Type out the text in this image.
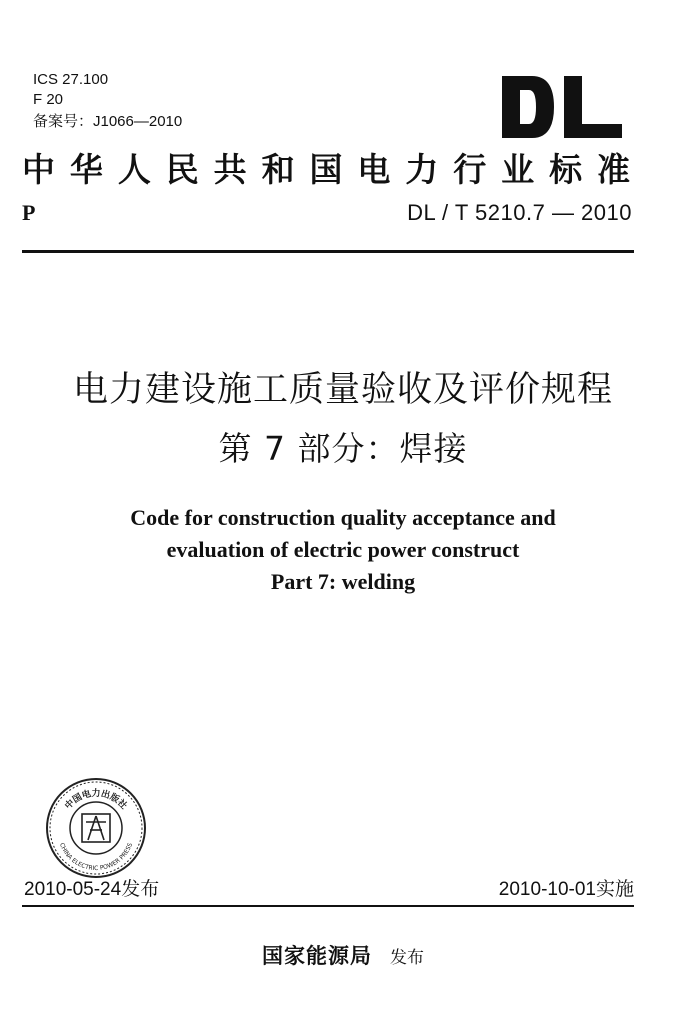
ICS 27.100
F 20
备案号：J1066—2010
中华人民共和国电力行业标准
P	DL / T 5210.7 — 2010
电力建设施工质量验收及评价规程
第 7 部分：焊接
Code for construction quality acceptance and
evaluation of electric power construct
Part 7: welding
中国电力出版社
CHINA ELECTRIC POWER PRESS
2010-05-24发布	2010-10-01实施
国家能源局 发布
